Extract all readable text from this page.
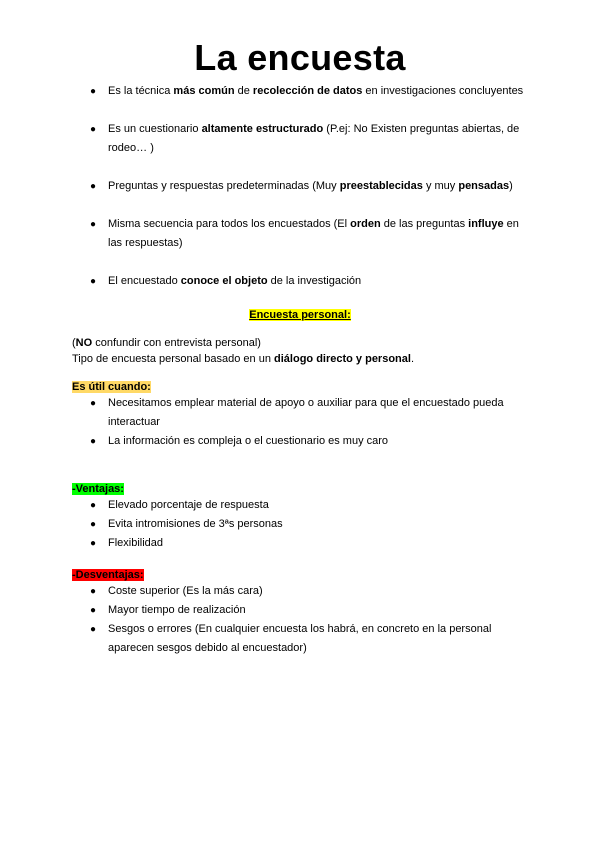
La encuesta
● Es la técnica más común de recolección de datos en investigaciones concluyentes
● Es un cuestionario altamente estructurado (P.ej: No Existen preguntas abiertas, de rodeo… )
● Preguntas y respuestas predeterminadas (Muy preestablecidas y muy pensadas)
● Misma secuencia para todos los encuestados (El orden de las preguntas influye en las respuestas)
● El encuestado conoce el objeto de la investigación
Encuesta personal:
(NO confundir con entrevista personal)
Tipo de encuesta personal basado en un diálogo directo y personal.
Es útil cuando:
● Necesitamos emplear material de apoyo o auxiliar para que el encuestado pueda interactuar
● La información es compleja o el cuestionario es muy caro
-Ventajas:
● Elevado porcentaje de respuesta
● Evita intromisiones de 3ªs personas
● Flexibilidad
-Desventajas:
● Coste superior (Es la más cara)
● Mayor tiempo de realización
● Sesgos o errores (En cualquier encuesta los habrá, en concreto en la personal aparecen sesgos debido al encuestador)
